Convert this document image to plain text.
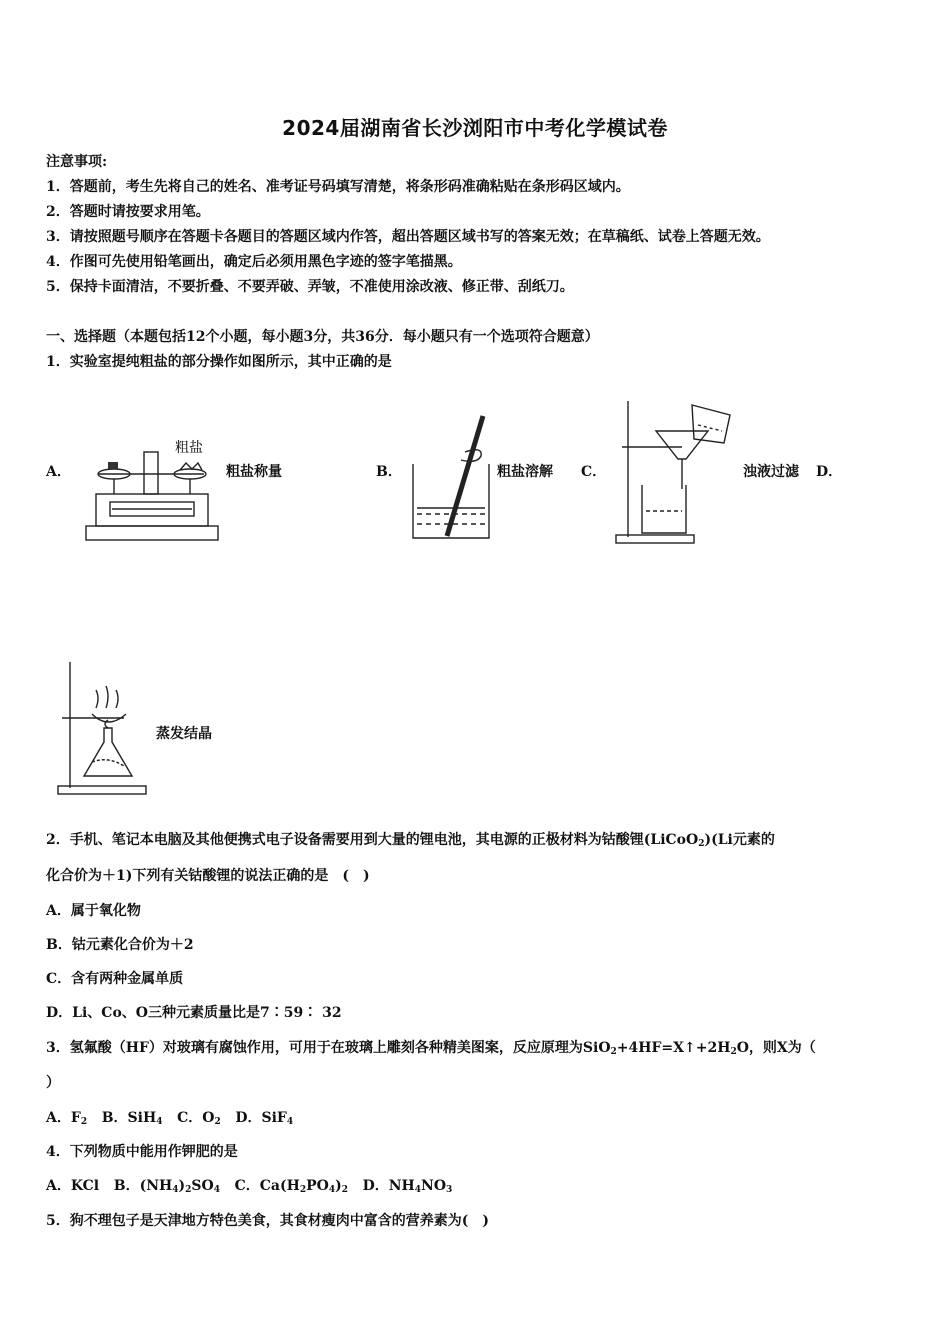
2024届湖南省长沙浏阳市中考化学模试卷
注意事项:
1．答题前，考生先将自己的姓名、准考证号码填写清楚，将条形码准确粘贴在条形码区域内。
2．答题时请按要求用笔。
3．请按照题号顺序在答题卡各题目的答题区域内作答，超出答题区域书写的答案无效；在草稿纸、试卷上答题无效。
4．作图可先使用铅笔画出，确定后必须用黑色字迹的签字笔描黑。
5．保持卡面清洁，不要折叠、不要弄破、弄皱，不准使用涂改液、修正带、刮纸刀。
一、选择题（本题包括12个小题，每小题3分，共36分．每小题只有一个选项符合题意）
1．实验室提纯粗盐的部分操作如图所示，其中正确的是
A．
粗盐
粗盐称量	B．	粗盐溶解 C．	浊液过滤 D．
蒸发结晶
2．手机、笔记本电脑及其他便携式电子设备需要用到大量的锂电池，其电源的正极材料为钴酸锂(LiCoO$_2$)(Li元素的
化合价为＋1)下列有关钴酸锂的说法正确的是　(　)
A．属于氧化物
B．钴元素化合价为＋2
C．含有两种金属单质
D．Li、Co、O三种元素质量比是7∶59∶ 32
3．氢氟酸（HF）对玻璃有腐蚀作用，可用于在玻璃上雕刻各种精美图案，反应原理为$SiO_2+4HF=X↑+2H_2O$，则X为（
）
A．$F_2$ B．SiH$_4$ C．$O_2$ D．SiF$_4$
4．下列物质中能用作钾肥的是
A．KCl B．$(NH_4)_2SO_4$ C．$Ca(H_2PO_4)_2$ D．$NH_4NO_3$
5．狗不理包子是天津地方特色美食，其食材瘦肉中富含的营养素为(　)
